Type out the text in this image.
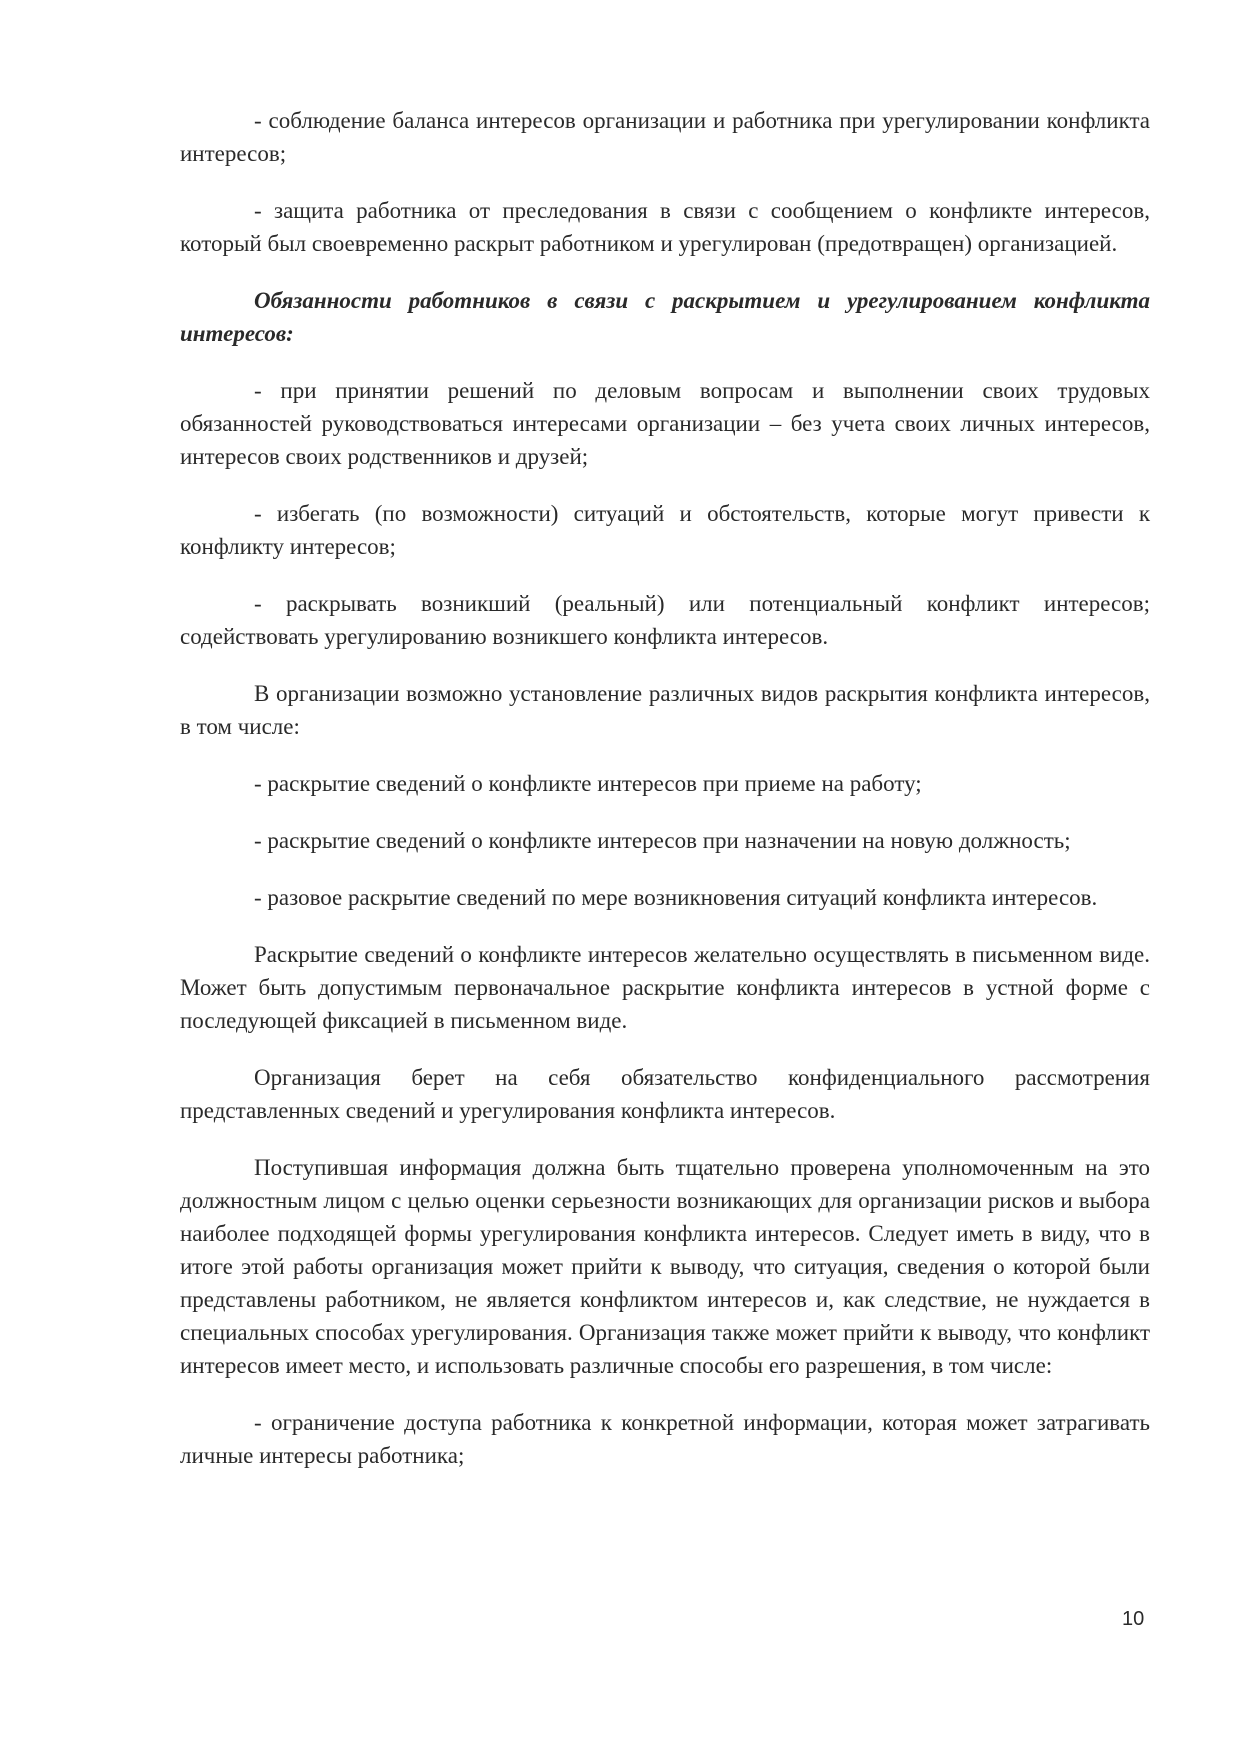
- соблюдение баланса интересов организации и работника при урегулировании конфликта интересов;

- защита работника от преследования в связи с сообщением о конфликте интересов, который был своевременно раскрыт работником и урегулирован (предотвращен) организацией.

Обязанности работников в связи с раскрытием и урегулированием конфликта интересов:

- при принятии решений по деловым вопросам и выполнении своих трудовых обязанностей руководствоваться интересами организации – без учета своих личных интересов, интересов своих родственников и друзей;

- избегать (по возможности) ситуаций и обстоятельств, которые могут привести к конфликту интересов;

- раскрывать возникший (реальный) или потенциальный конфликт интересов; содействовать урегулированию возникшего конфликта интересов.

В организации возможно установление различных видов раскрытия конфликта интересов, в том числе:

- раскрытие сведений о конфликте интересов при приеме на работу;

- раскрытие сведений о конфликте интересов при назначении на новую должность;

- разовое раскрытие сведений по мере возникновения ситуаций конфликта интересов.

Раскрытие сведений о конфликте интересов желательно осуществлять в письменном виде. Может быть допустимым первоначальное раскрытие конфликта интересов в устной форме с последующей фиксацией в письменном виде.

Организация берет на себя обязательство конфиденциального рассмотрения представленных сведений и урегулирования конфликта интересов.

Поступившая информация должна быть тщательно проверена уполномоченным на это должностным лицом с целью оценки серьезности возникающих для организации рисков и выбора наиболее подходящей формы урегулирования конфликта интересов. Следует иметь в виду, что в итоге этой работы организация может прийти к выводу, что ситуация, сведения о которой были представлены работником, не является конфликтом интересов и, как следствие, не нуждается в специальных способах урегулирования. Организация также может прийти к выводу, что конфликт интересов имеет место, и использовать различные способы его разрешения, в том числе:

- ограничение доступа работника к конкретной информации, которая может затрагивать личные интересы работника;

10
